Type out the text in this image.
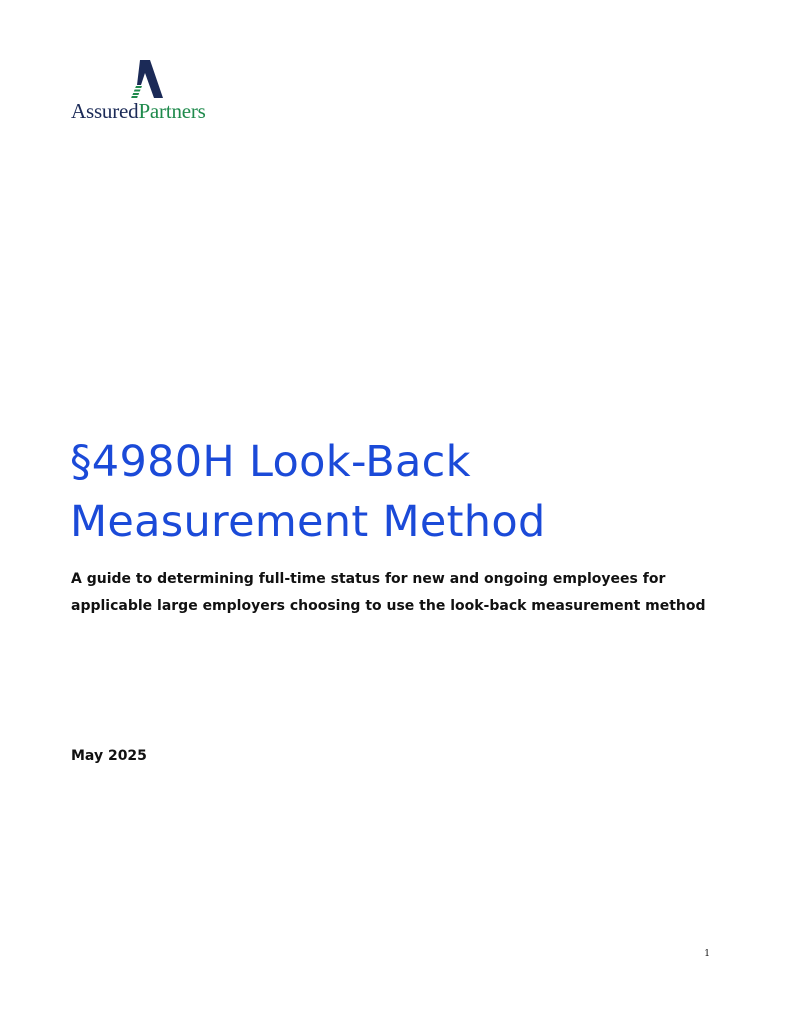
AssuredPartners
§4980H Look-Back
Measurement Method

A guide to determining full-time status for new and ongoing employees for applicable large employers choosing to use the look-back measurement method

May 2025

1
